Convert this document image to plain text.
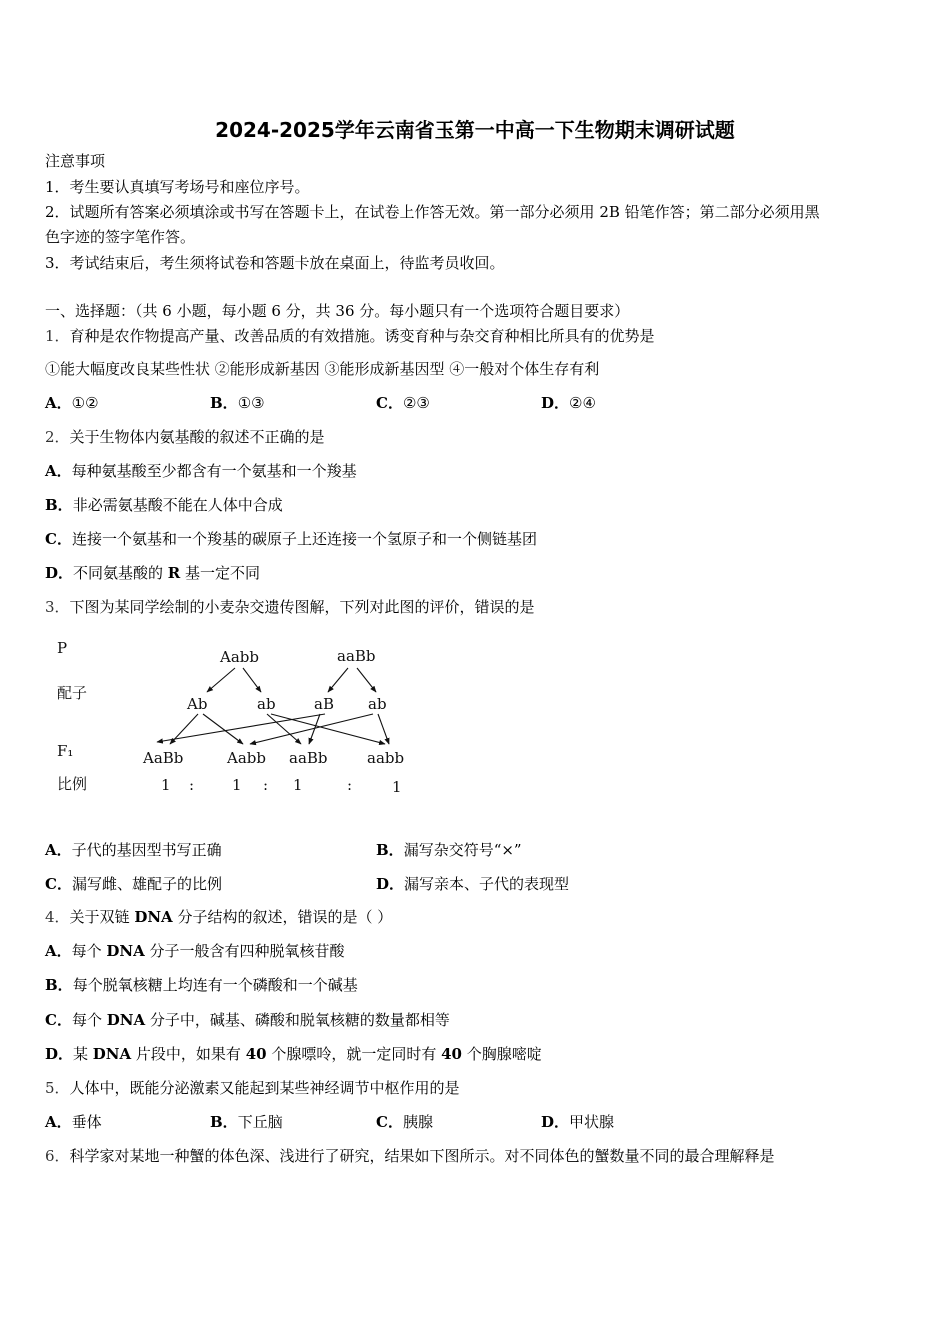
2024-2025学年云南省玉第一中高一下生物期末调研试题
注意事项
1．考生要认真填写考场号和座位序号。
2．试题所有答案必须填涂或书写在答题卡上，在试卷上作答无效。第一部分必须用 2B 铅笔作答；第二部分必须用黑
色字迹的签字笔作答。
3．考试结束后，考生须将试卷和答题卡放在桌面上，待监考员收回。
一、选择题：（共 6 小题，每小题 6 分，共 36 分。每小题只有一个选项符合题目要求）
1．育种是农作物提高产量、改善品质的有效措施。诱变育种与杂交育种相比所具有的优势是
①能大幅度改良某些性状 ②能形成新基因 ③能形成新基因型 ④一般对个体生存有利
A．①②	B．①③	C．②③	D．②④
2．关于生物体内氨基酸的叙述不正确的是
A．每种氨基酸至少都含有一个氨基和一个羧基
B．非必需氨基酸不能在人体中合成
C．连接一个氨基和一个羧基的碳原子上还连接一个氢原子和一个侧链基团
D．不同氨基酸的 R 基一定不同
3．下图为某同学绘制的小麦杂交遗传图解，下列对此图的评价，错误的是
P
配子
F₁
比例
Aabb	aaBb
Ab	ab	aB ab
AaBb	Aabb aaBb	aabb
1 :	1 : 1	:	1
A．子代的基因型书写正确	B．漏写杂交符号“×”
C．漏写雌、雄配子的比例	D．漏写亲本、子代的表现型
4．关于双链 DNA 分子结构的叙述，错误的是（ ）
A．每个 DNA 分子一般含有四种脱氧核苷酸
B．每个脱氧核糖上均连有一个磷酸和一个碱基
C．每个 DNA 分子中，碱基、磷酸和脱氧核糖的数量都相等
D．某 DNA 片段中，如果有 40 个腺嘌呤，就一定同时有 40 个胸腺嘧啶
5．人体中，既能分泌激素又能起到某些神经调节中枢作用的是
A．垂体	B．下丘脑	C．胰腺	D．甲状腺
6．科学家对某地一种蟹的体色深、浅进行了研究，结果如下图所示。对不同体色的蟹数量不同的最合理解释是
